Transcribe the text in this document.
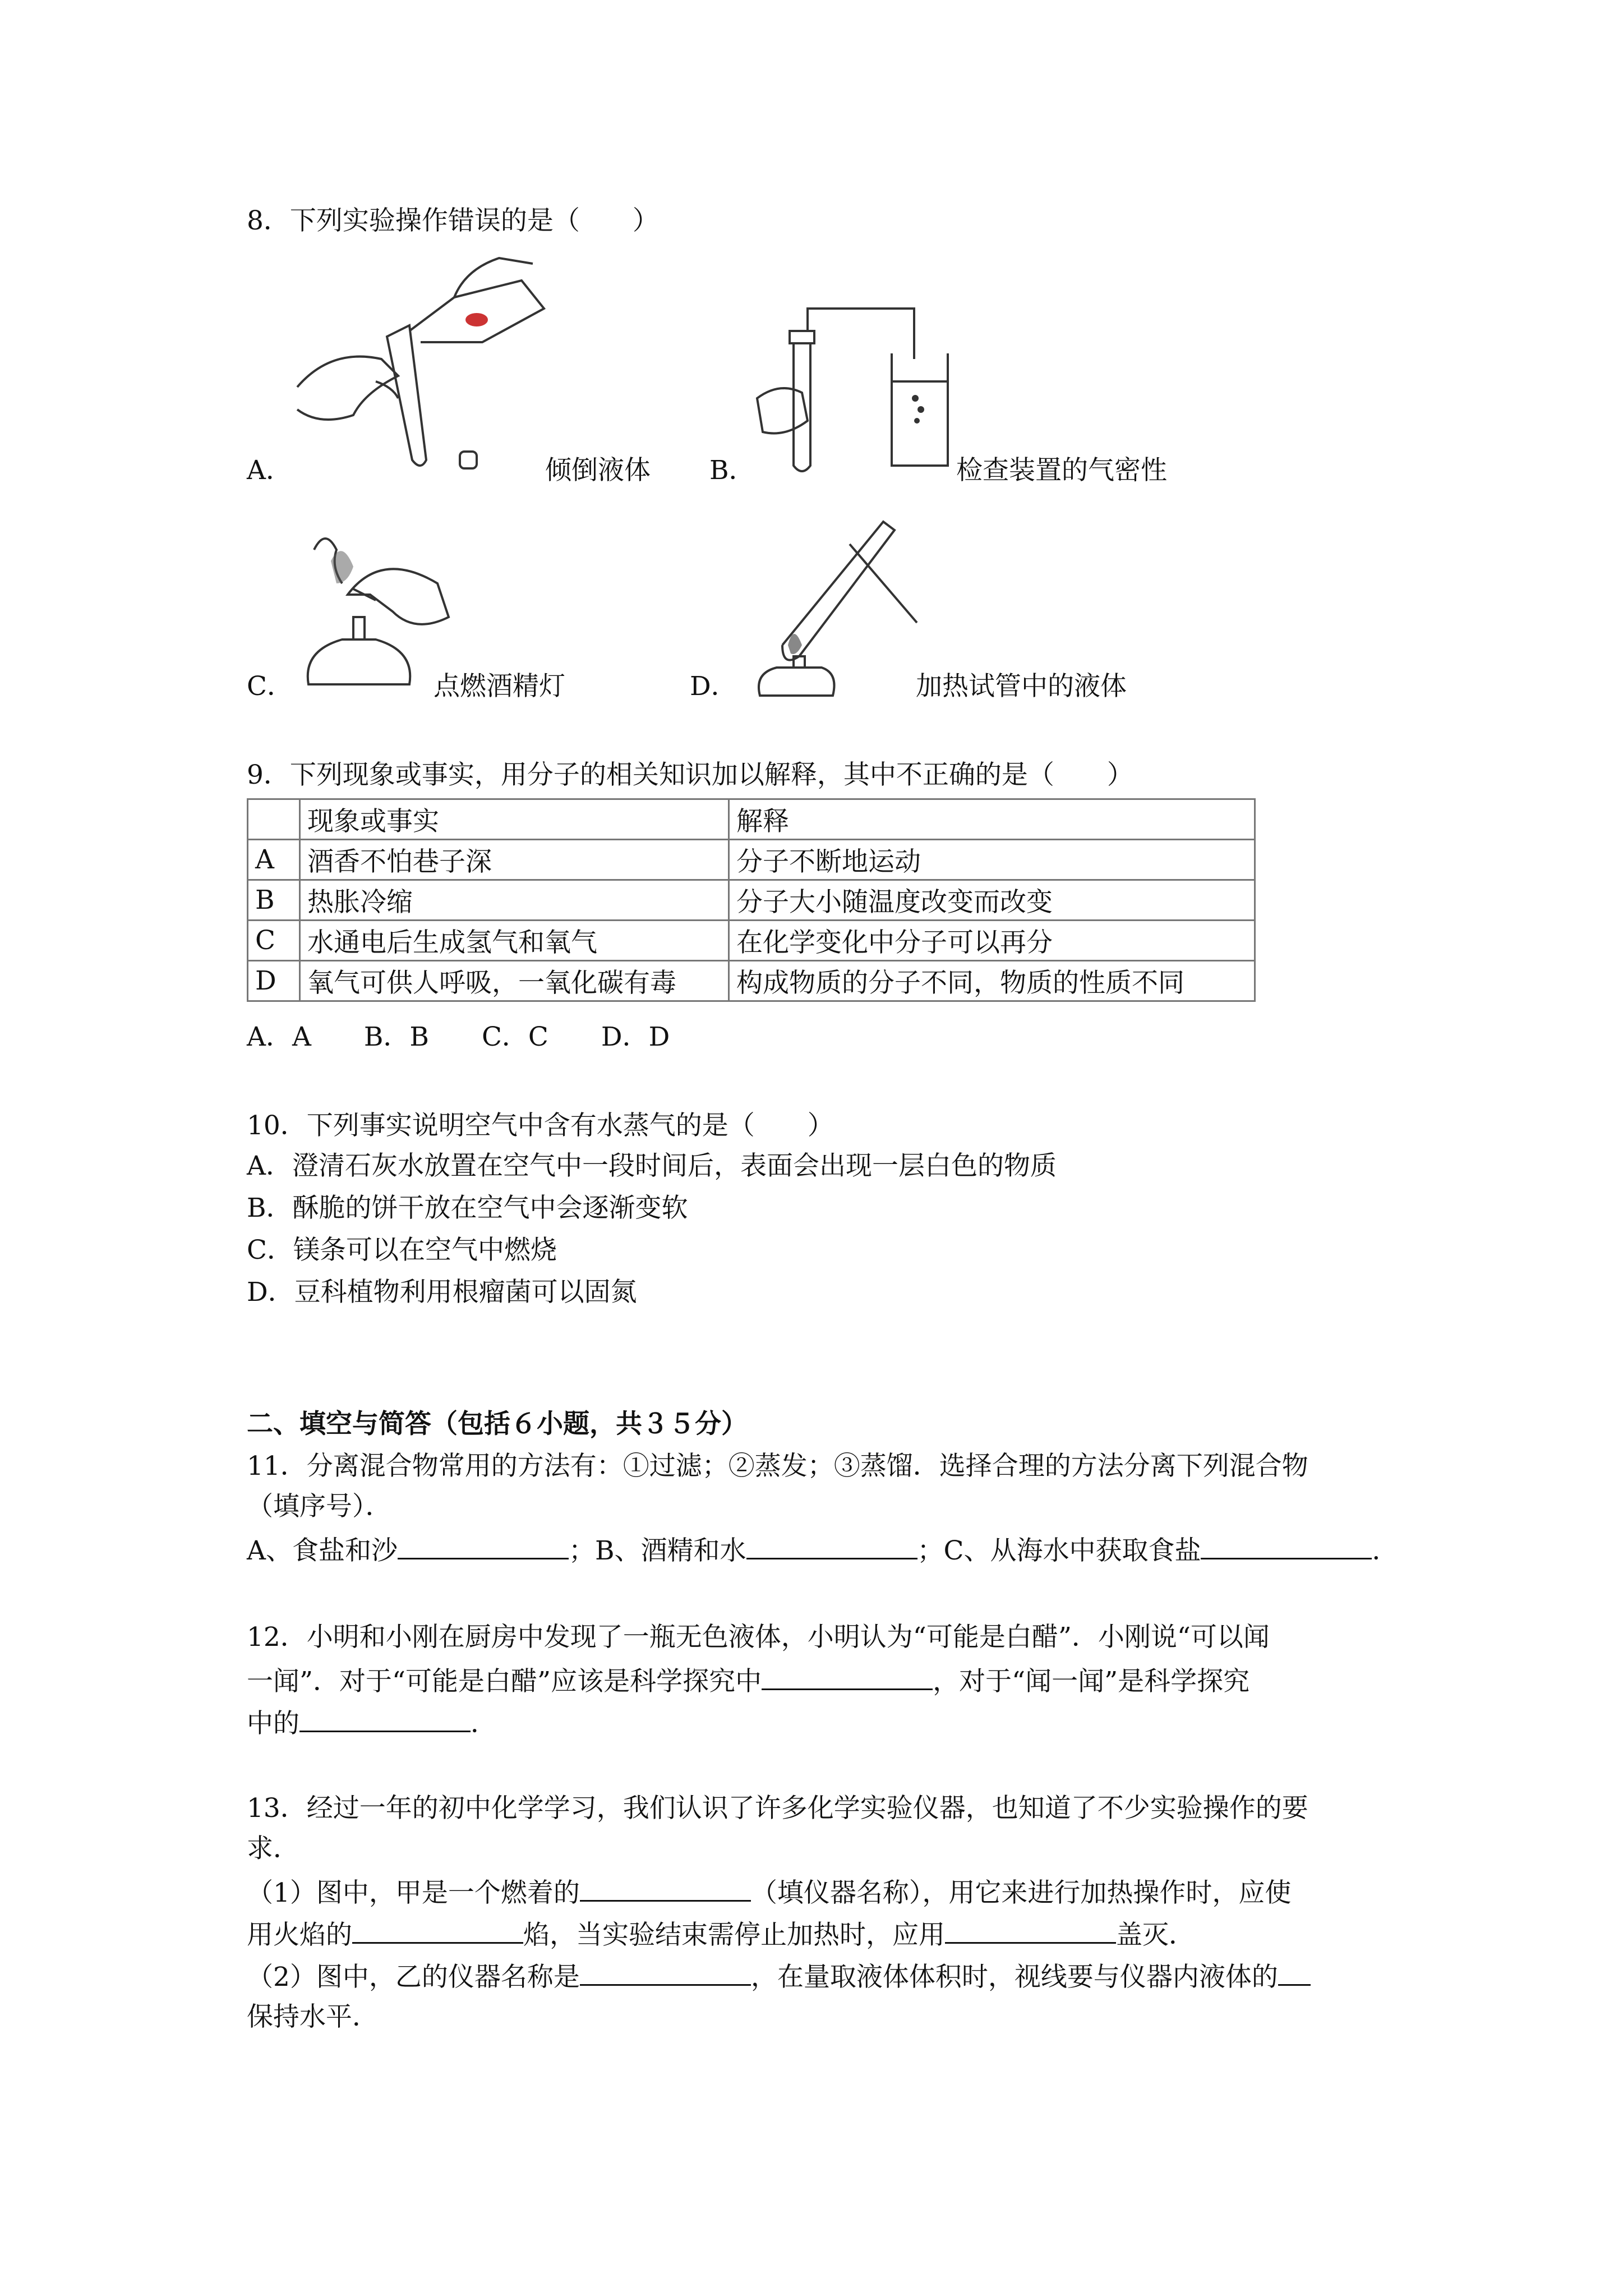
8．下列实验操作错误的是（　　）
A．	倾倒液体 B．	检查装置的气密性
C．	点燃酒精灯	D．	加热试管中的液体
9．下列现象或事实，用分子的相关知识加以解释，其中不正确的是（　　）
	现象或事实	解释
A	酒香不怕巷子深	分子不断地运动
B	热胀冷缩	分子大小随温度改变而改变
C	水通电后生成氢气和氧气	在化学变化中分子可以再分
D	氧气可供人呼吸，一氧化碳有毒	构成物质的分子不同，物质的性质不同
A．A　　B．B　　C．C　　D．D
10．下列事实说明空气中含有水蒸气的是（　　）
A．澄清石灰水放置在空气中一段时间后，表面会出现一层白色的物质
B．酥脆的饼干放在空气中会逐渐变软
C．镁条可以在空气中燃烧
D．豆科植物利用根瘤菌可以固氮
二、填空与简答（包括６小题，共３５分）
11．分离混合物常用的方法有：①过滤；②蒸发；③蒸馏．选择合理的方法分离下列混合物
（填序号）．
A、食盐和沙	；B、酒精和水	；C、从海水中获取食盐	．
12．小明和小刚在厨房中发现了一瓶无色液体，小明认为“可能是白醋”．小刚说“可以闻
一闻”．对于“可能是白醋”应该是科学探究中	，对于“闻一闻”是科学探究
中的	．
13．经过一年的初中化学学习，我们认识了许多化学实验仪器，也知道了不少实验操作的要
求．
（1）图中，甲是一个燃着的	（填仪器名称），用它来进行加热操作时，应使
用火焰的	焰，当实验结束需停止加热时，应用	盖灭．
（2）图中，乙的仪器名称是	，在量取液体体积时，视线要与仪器内液体的
保持水平．
